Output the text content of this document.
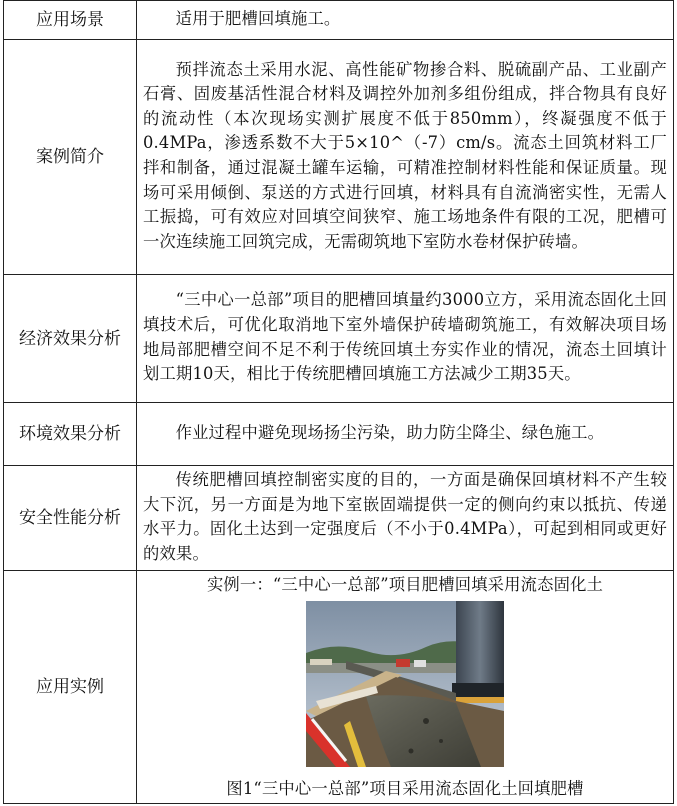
应用场景	适用于肥槽回填施工。

案例简介	预拌流态土采用水泥、高性能矿物掺合料、脱硫副产品、工业副产石膏、固废基活性混合材料及调控外加剂多组份组成，拌合物具有良好的流动性（本次现场实测扩展度不低于850mm），终凝强度不低于0.4MPa，渗透系数不大于5×10^（-7）cm/s。流态土回筑材料工厂拌和制备，通过混凝土罐车运输，可精准控制材料性能和保证质量。现场可采用倾倒、泵送的方式进行回填，材料具有自流淌密实性，无需人工振捣，可有效应对回填空间狭窄、施工场地条件有限的工况，肥槽可一次连续施工回筑完成，无需砌筑地下室防水卷材保护砖墙。

经济效果分析	“三中心一总部”项目的肥槽回填量约3000立方，采用流态固化土回填技术后，可优化取消地下室外墙保护砖墙砌筑施工，有效解决项目场地局部肥槽空间不足不利于传统回填土夯实作业的情况，流态土回填计划工期10天，相比于传统肥槽回填施工方法减少工期35天。

环境效果分析	作业过程中避免现场扬尘污染，助力防尘降尘、绿色施工。

安全性能分析	传统肥槽回填控制密实度的目的，一方面是确保回填材料不产生较大下沉，另一方面是为地下室嵌固端提供一定的侧向约束以抵抗、传递水平力。固化土达到一定强度后（不小于0.4MPa），可起到相同或更好的效果。

应用实例	实例一：“三中心一总部”项目肥槽回填采用流态固化土
图1“三中心一总部”项目采用流态固化土回填肥槽
